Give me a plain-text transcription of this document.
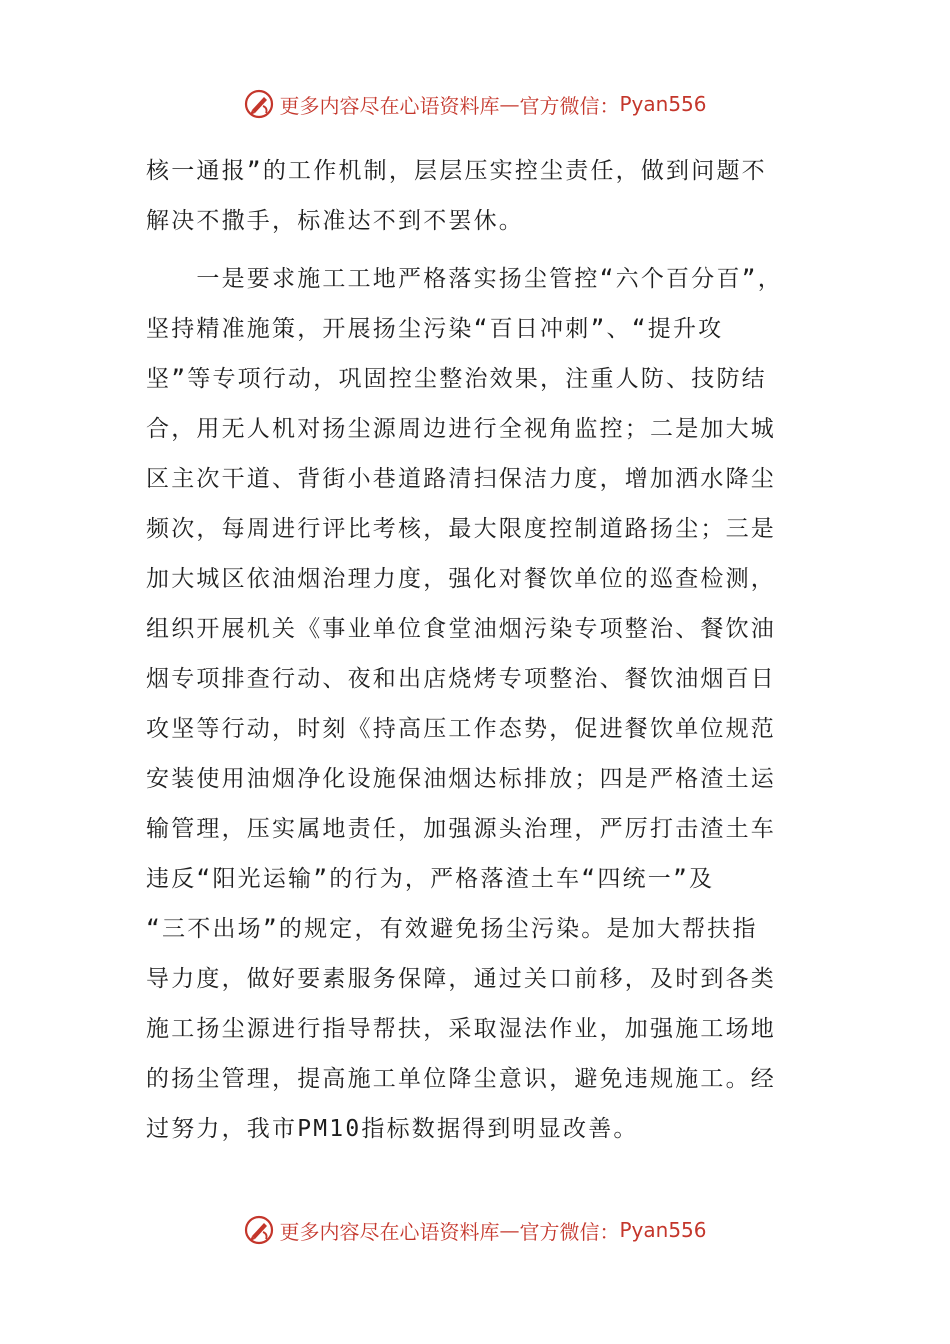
更多内容尽在心语资料库 — 官方微信： Pyan556
核一通报”的工作机制，层层压实控尘责任，做到问题不
解决不撒手，标准达不到不罢休。
　　一是要求施工工地严格落实扬尘管控“六个百分百”，
坚持精准施策，开展扬尘污染“百日冲刺”、“提升攻
坚”等专项行动，巩固控尘整治效果，注重人防、技防结
合，用无人机对扬尘源周边进行全视角监控；二是加大城
区主次干道、背街小巷道路清扫保洁力度，增加洒水降尘
频次，每周进行评比考核，最大限度控制道路扬尘；三是
加大城区依油烟治理力度，强化对餐饮单位的巡查检测，
组织开展机关《事业单位食堂油烟污染专项整治、餐饮油
烟专项排查行动、夜和出店烧烤专项整治、餐饮油烟百日
攻坚等行动，时刻《持高压工作态势，促进餐饮单位规范
安装使用油烟净化设施保油烟达标排放；四是严格渣土运
输管理，压实属地责任，加强源头治理，严厉打击渣土车
违反“阳光运输”的行为，严格落渣土车“四统一”及
“三不出场”的规定，有效避免扬尘污染。是加大帮扶指
导力度，做好要素服务保障，通过关口前移，及时到各类
施工扬尘源进行指导帮扶，采取湿法作业，加强施工场地
的扬尘管理，提高施工单位降尘意识，避免违规施工。经
过努力，我市PM10指标数据得到明显改善。
更多内容尽在心语资料库 — 官方微信： Pyan556
